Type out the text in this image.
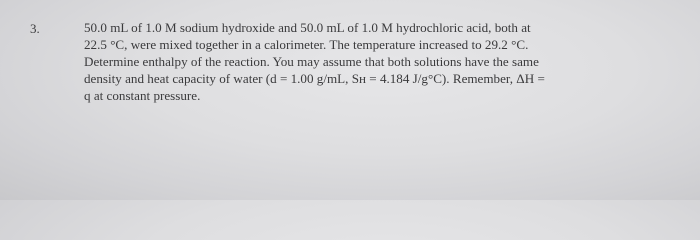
3.	50.0 mL of 1.0 M sodium hydroxide and 50.0 mL of 1.0 M hydrochloric acid, both at
22.5 °C, were mixed together in a calorimeter. The temperature increased to 29.2 °C.
Determine enthalpy of the reaction. You may assume that both solutions have the same
density and heat capacity of water (d = 1.00 g/mL, Sʜ = 4.184 J/g°C). Remember, ΔH =
q at constant pressure.
